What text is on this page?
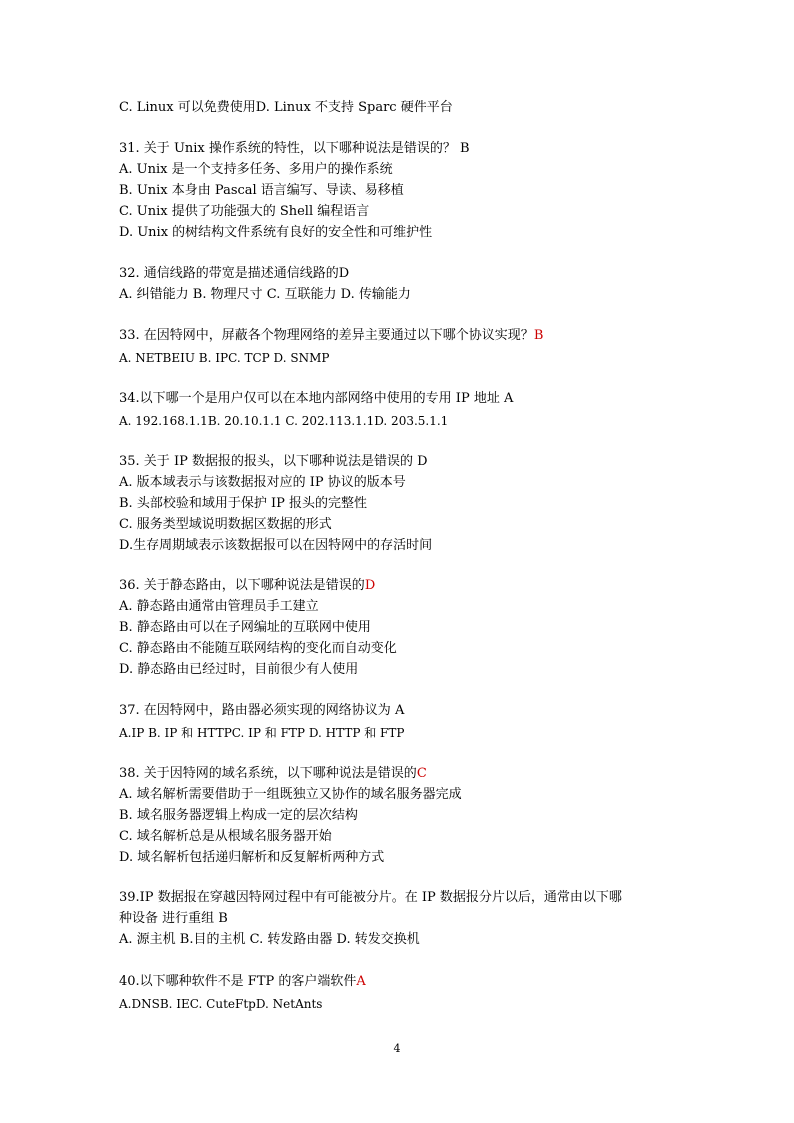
C. Linux 可以免费使用D. Linux 不支持 Sparc 硬件平台
31. 关于 Unix 操作系统的特性，以下哪种说法是错误的？ B
A. Unix 是一个支持多任务、多用户的操作系统
B. Unix 本身由 Pascal 语言编写、导读、易移植
C. Unix 提供了功能强大的 Shell 编程语言
D. Unix 的树结构文件系统有良好的安全性和可维护性
32. 通信线路的带宽是描述通信线路的D
A. 纠错能力 B. 物理尺寸 C. 互联能力 D. 传输能力
33. 在因特网中，屏蔽各个物理网络的差异主要通过以下哪个协议实现？B
A. NETBEIU B. IPC. TCP D. SNMP
34.以下哪一个是用户仅可以在本地内部网络中使用的专用 IP 地址 A
A. 192.168.1.1B. 20.10.1.1 C. 202.113.1.1D. 203.5.1.1
35. 关于 IP 数据报的报头，以下哪种说法是错误的 D
A. 版本域表示与该数据报对应的 IP 协议的版本号
B. 头部校验和域用于保护 IP 报头的完整性
C. 服务类型域说明数据区数据的形式
D.生存周期域表示该数据报可以在因特网中的存活时间
36. 关于静态路由，以下哪种说法是错误的D
A. 静态路由通常由管理员手工建立
B. 静态路由可以在子网编址的互联网中使用
C. 静态路由不能随互联网结构的变化而自动变化
D. 静态路由已经过时，目前很少有人使用
37. 在因特网中，路由器必须实现的网络协议为 A
A.IP B. IP 和 HTTPC. IP 和 FTP D. HTTP 和 FTP
38. 关于因特网的域名系统，以下哪种说法是错误的C
A. 域名解析需要借助于一组既独立又协作的域名服务器完成
B. 域名服务器逻辑上构成一定的层次结构
C. 域名解析总是从根域名服务器开始
D. 域名解析包括递归解析和反复解析两种方式
39.IP 数据报在穿越因特网过程中有可能被分片。在 IP 数据报分片以后，通常由以下哪
种设备 进行重组 B
A. 源主机 B.目的主机 C. 转发路由器 D. 转发交换机
40.以下哪种软件不是 FTP 的客户端软件A
A.DNSB. IEC. CuteFtpD. NetAnts
4
